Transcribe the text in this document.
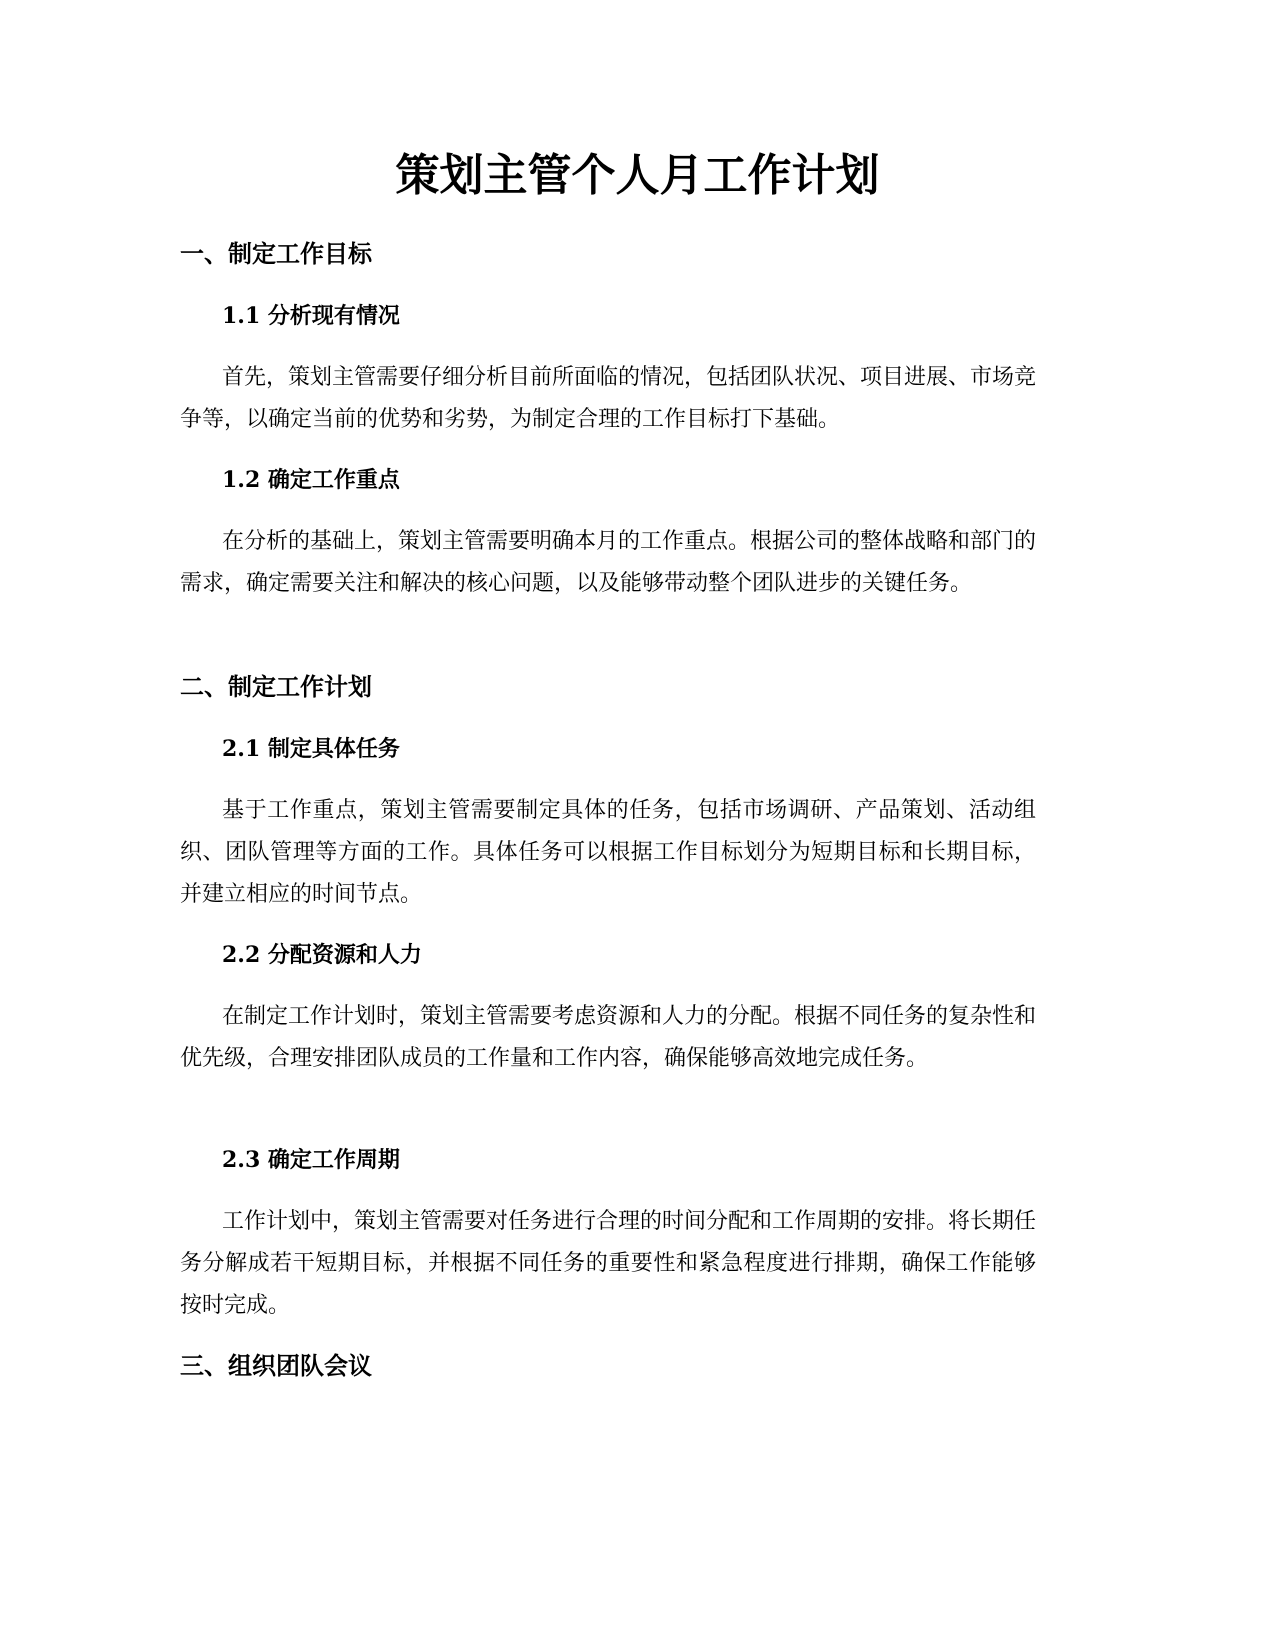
策划主管个人月工作计划
一、制定工作目标
1.1 分析现有情况

首先，策划主管需要仔细分析目前所面临的情况，包括团队状况、项目进展、市场竞争等，以确定当前的优势和劣势，为制定合理的工作目标打下基础。

1.2 确定工作重点

在分析的基础上，策划主管需要明确本月的工作重点。根据公司的整体战略和部门的需求，确定需要关注和解决的核心问题，以及能够带动整个团队进步的关键任务。

二、制定工作计划
2.1 制定具体任务

基于工作重点，策划主管需要制定具体的任务，包括市场调研、产品策划、活动组织、团队管理等方面的工作。具体任务可以根据工作目标划分为短期目标和长期目标，并建立相应的时间节点。

2.2 分配资源和人力

在制定工作计划时，策划主管需要考虑资源和人力的分配。根据不同任务的复杂性和优先级，合理安排团队成员的工作量和工作内容，确保能够高效地完成任务。

2.3 确定工作周期

工作计划中，策划主管需要对任务进行合理的时间分配和工作周期的安排。将长期任务分解成若干短期目标，并根据不同任务的重要性和紧急程度进行排期，确保工作能够按时完成。

三、组织团队会议
